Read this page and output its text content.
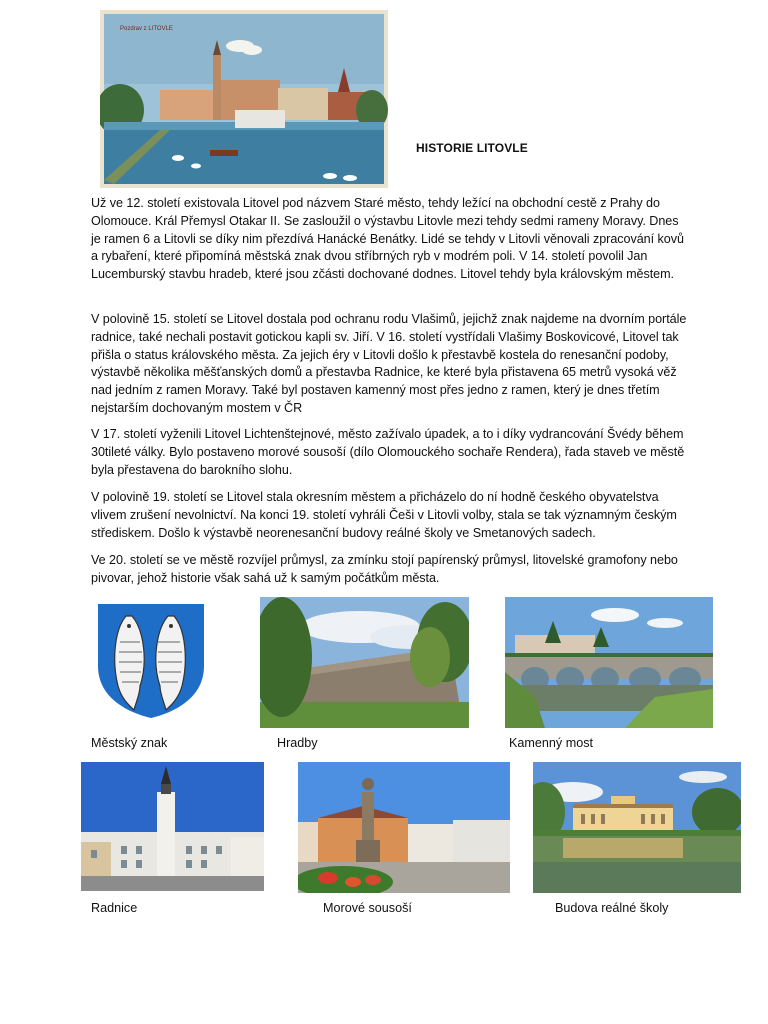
Pozdrav z LITOVLE
HISTORIE LITOVLE

Už ve 12. století existovala Litovel pod názvem Staré město, tehdy ležící na obchodní cestě z Prahy do Olomouce. Král Přemysl Otakar II. Se zasloužil o výstavbu Litovle mezi tehdy sedmi rameny Moravy. Dnes je ramen 6 a Litovli se díky nim přezdívá Hanácké Benátky. Lidé se tehdy v Litovli věnovali zpracování kovů a rybaření, které připomíná městská znak dvou stříbrných ryb v modrém poli. V 14. století povolil Jan Lucemburský stavbu hradeb, které jsou zčásti dochované dodnes. Litovel tehdy byla královským městem.

V polovině 15. století se Litovel dostala pod ochranu rodu Vlašimů, jejichž znak najdeme na dvorním portále radnice, také nechali postavit gotickou kapli sv. Jiří. V 16. století vystřídali Vlašimy Boskovicové, Litovel tak přišla o status královského města. Za jejich éry v Litovli došlo k přestavbě kostela do renesanční podoby, výstavbě několika měšťanských domů a přestavba Radnice, ke které byla přistavena 65 metrů vysoká věž nad jedním z ramen Moravy. Také byl postaven kamenný most přes jedno z ramen, který je dnes třetím nejstarším dochovaným mostem v ČR

V 17. století vyženili Litovel Lichtenštejnové, město zažívalo úpadek, a to i díky vydrancování Švédy během 30tileté války. Bylo postaveno morové sousoší (dílo Olomouckého sochaře Rendera), řada staveb ve městě byla přestavena do barokního slohu.

V polovině 19. století se Litovel stala okresním městem a přicházelo do ní hodně českého obyvatelstva vlivem zrušení nevolnictví. Na konci 19. století vyhráli Češi v Litovli volby, stala se tak významným českým střediskem. Došlo k výstavbě neorenesanční budovy reálné školy ve Smetanových sadech.

Ve 20. století se ve městě rozvíjel průmysl, za zmínku stojí papírenský průmysl, litovelské gramofony nebo pivovar, jehož historie však sahá už k samým počátkům města.

Městský znak	Hradby	Kamenný most
Radnice	Morové sousoší	Budova reálné školy
